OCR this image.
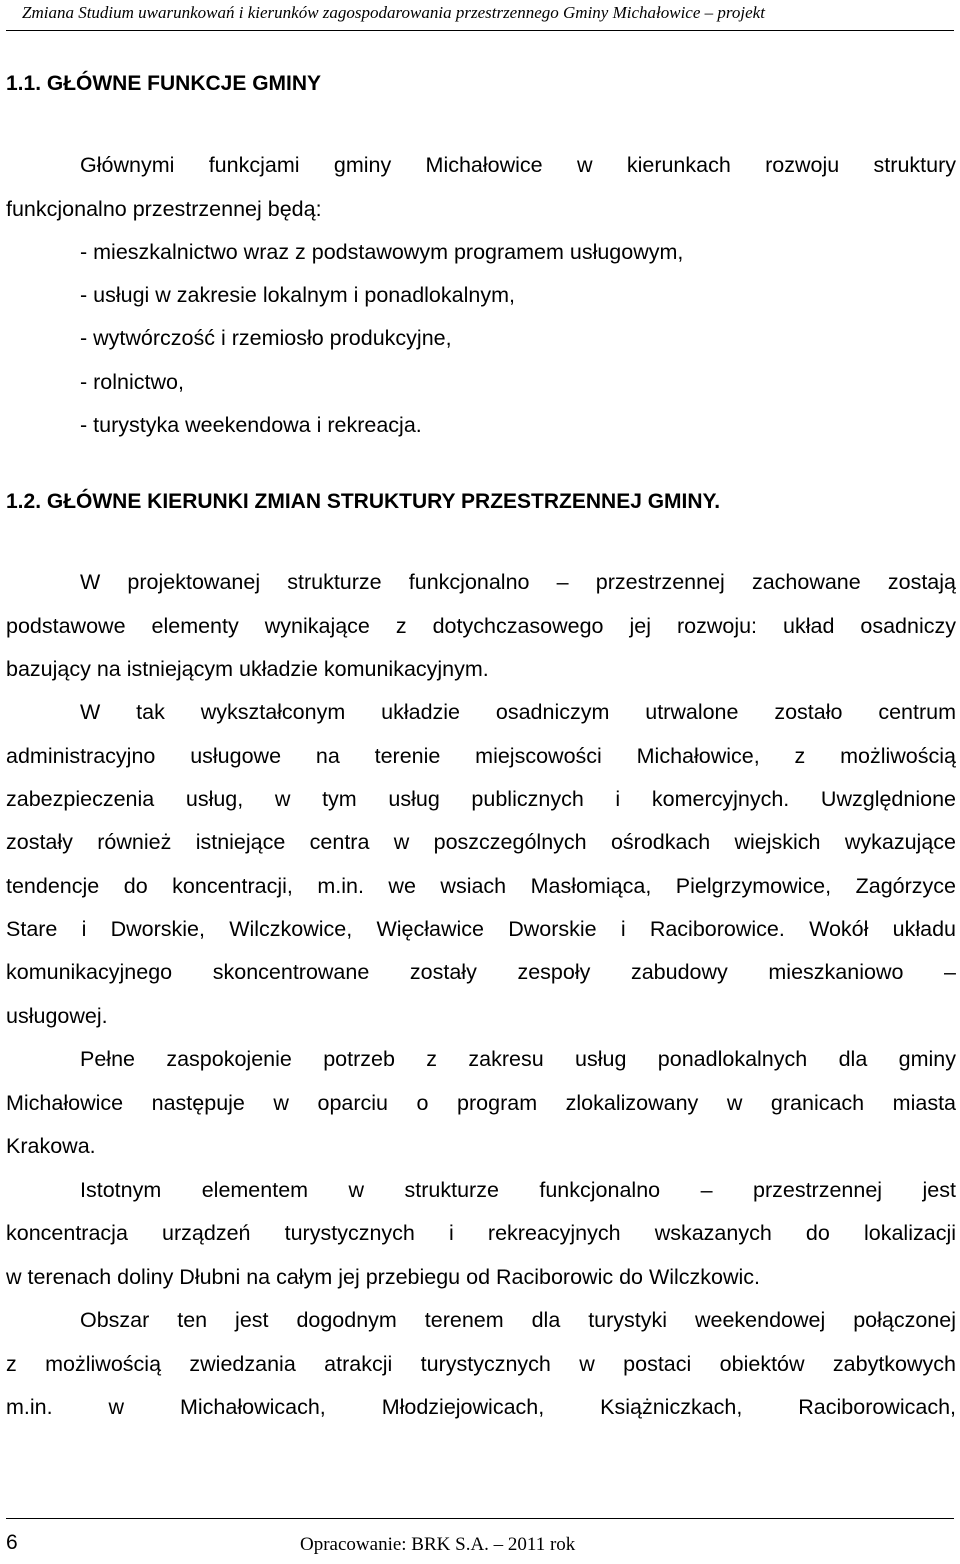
Zmiana Studium uwarunkowań i kierunków zagospodarowania przestrzennego Gminy Michałowice – projekt
1.1. GŁÓWNE FUNKCJE GMINY
Głównymi funkcjami gminy Michałowice w kierunkach rozwoju struktury
funkcjonalno przestrzennej będą:
- mieszkalnictwo wraz z podstawowym programem usługowym,
- usługi w zakresie lokalnym i ponadlokalnym,
- wytwórczość i rzemiosło produkcyjne,
- rolnictwo,
- turystyka weekendowa i rekreacja.
1.2. GŁÓWNE KIERUNKI ZMIAN STRUKTURY PRZESTRZENNEJ GMINY.
W projektowanej strukturze funkcjonalno – przestrzennej zachowane zostają
podstawowe elementy wynikające z dotychczasowego jej rozwoju: układ osadniczy
bazujący na istniejącym układzie komunikacyjnym.
W tak wykształconym układzie osadniczym utrwalone zostało centrum
administracyjno usługowe na terenie miejscowości Michałowice, z możliwością
zabezpieczenia usług, w tym usług publicznych i komercyjnych. Uwzględnione
zostały również istniejące centra w poszczególnych ośrodkach wiejskich wykazujące
tendencje do koncentracji, m.in. we wsiach Masłomiąca, Pielgrzymowice, Zagórzyce
Stare i Dworskie, Wilczkowice, Więcławice Dworskie i Raciborowice. Wokół układu
komunikacyjnego skoncentrowane zostały zespoły zabudowy mieszkaniowo –
usługowej.
Pełne zaspokojenie potrzeb z zakresu usług ponadlokalnych dla gminy
Michałowice następuje w oparciu o program zlokalizowany w granicach miasta
Krakowa.
Istotnym elementem w strukturze funkcjonalno – przestrzennej jest
koncentracja urządzeń turystycznych i rekreacyjnych wskazanych do lokalizacji
w terenach doliny Dłubni na całym jej przebiegu od Raciborowic do Wilczkowic.
Obszar ten jest dogodnym terenem dla turystyki weekendowej połączonej
z możliwością zwiedzania atrakcji turystycznych w postaci obiektów zabytkowych
m.in. w Michałowicach, Młodziejowicach, Książniczkach, Raciborowicach,
6	Opracowanie: BRK S.A. – 2011 rok
